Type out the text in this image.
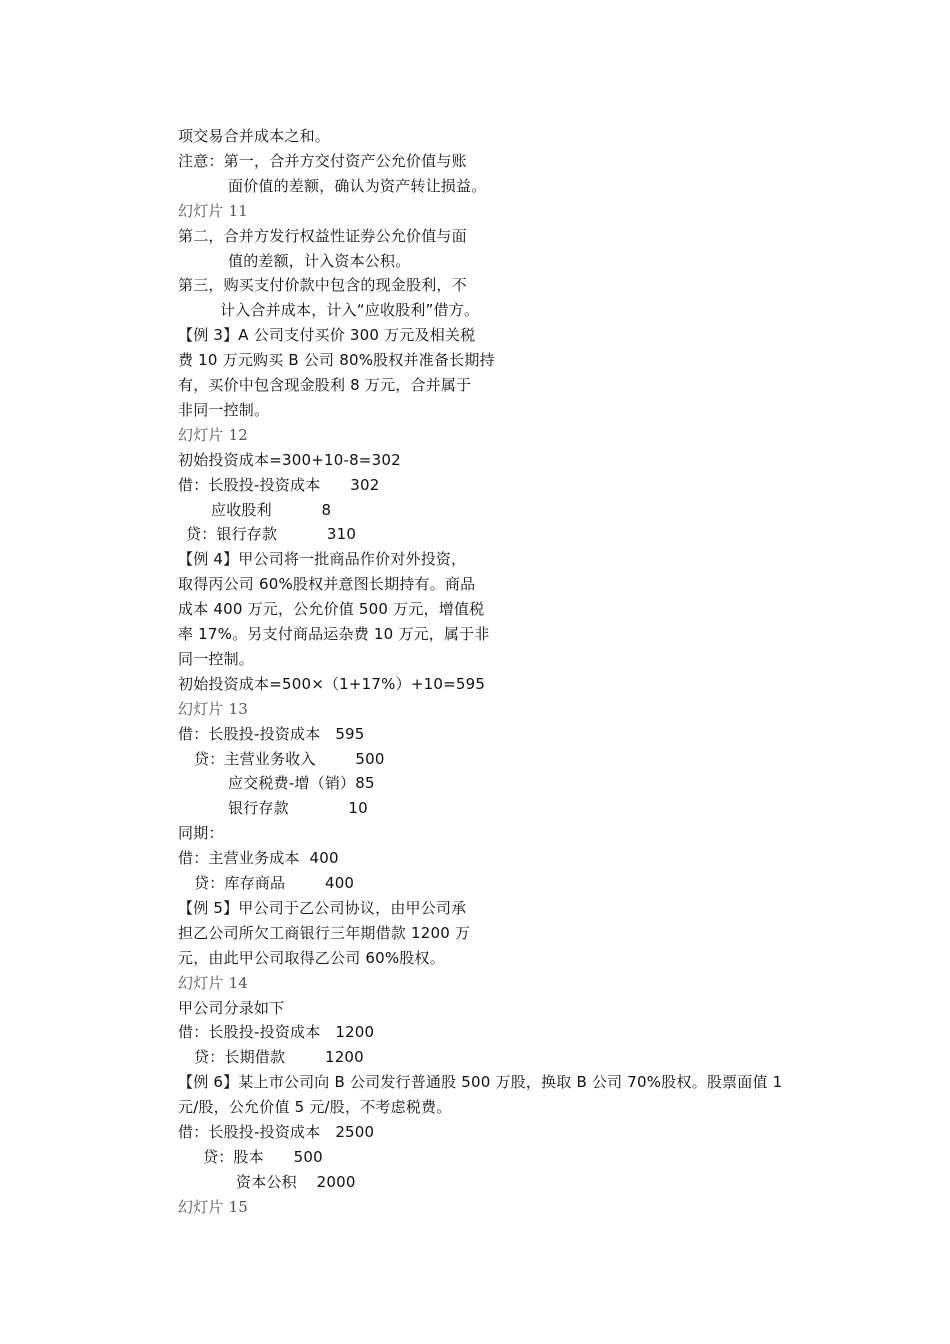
项交易合并成本之和。
注意：第一，合并方交付资产公允价值与账
面价值的差额，确认为资产转让损益。
幻灯片 11
第二，合并方发行权益性证券公允价值与面
值的差额，计入资本公积。
第三，购买支付价款中包含的现金股利，不
计入合并成本，计入“应收股利”借方。
【例 3】A 公司支付买价 300 万元及相关税
费 10 万元购买 B 公司 80%股权并准备长期持
有，买价中包含现金股利 8 万元，合并属于
非同一控制。
幻灯片 12
初始投资成本=300+10-8=302
借：长股投-投资成本      302
应收股利          8
贷：银行存款          310
【例 4】甲公司将一批商品作价对外投资，
取得丙公司 60%股权并意图长期持有。商品
成本 400 万元，公允价值 500 万元，增值税
率 17%。另支付商品运杂费 10 万元，属于非
同一控制。
初始投资成本=500×（1+17%）+10=595
幻灯片 13
借：长股投-投资成本   595
贷：主营业务收入        500
应交税费-增（销）85
银行存款            10
同期：
借：主营业务成本  400
贷：库存商品        400
【例 5】甲公司于乙公司协议，由甲公司承
担乙公司所欠工商银行三年期借款 1200 万
元，由此甲公司取得乙公司 60%股权。
幻灯片 14
甲公司分录如下
借：长股投-投资成本   1200
贷：长期借款        1200
【例 6】某上市公司向 B 公司发行普通股 500 万股，换取 B 公司 70%股权。股票面值 1
元/股，公允价值 5 元/股，不考虑税费。
借：长股投-投资成本   2500
贷：股本      500
资本公积    2000
幻灯片 15
